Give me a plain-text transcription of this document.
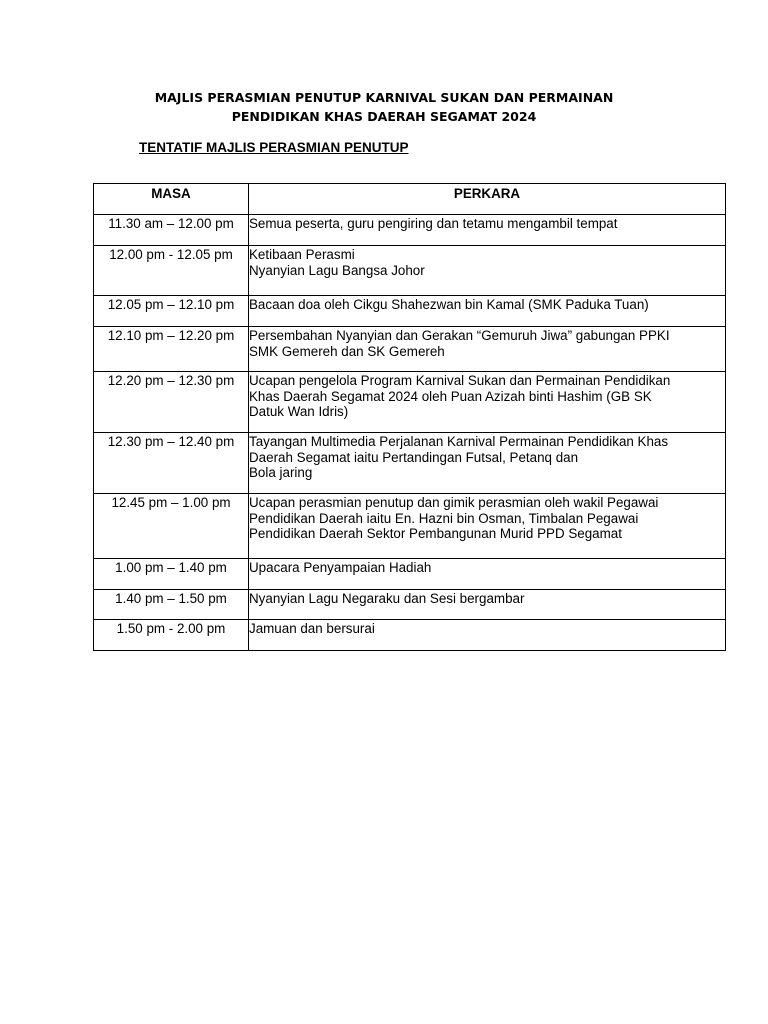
MAJLIS PERASMIAN PENUTUP KARNIVAL SUKAN DAN PERMAINAN
PENDIDIKAN KHAS DAERAH SEGAMAT 2024
TENTATIF MAJLIS PERASMIAN PENUTUP
MASA	PERKARA

11.30 am – 12.00 pm	Semua peserta, guru pengiring dan tetamu mengambil tempat

12.00 pm - 12.05 pm	Ketibaan Perasmi
Nyanyian Lagu Bangsa Johor

12.05 pm – 12.10 pm	Bacaan doa oleh Cikgu Shahezwan bin Kamal (SMK Paduka Tuan)

12.10 pm – 12.20 pm	Persembahan Nyanyian dan Gerakan “Gemuruh Jiwa” gabungan PPKI
SMK Gemereh dan SK Gemereh

12.20 pm – 12.30 pm	Ucapan pengelola Program Karnival Sukan dan Permainan Pendidikan
Khas Daerah Segamat 2024 oleh Puan Azizah binti Hashim (GB SK
Datuk Wan Idris)

12.30 pm – 12.40 pm	Tayangan Multimedia Perjalanan Karnival Permainan Pendidikan Khas
Daerah Segamat iaitu Pertandingan Futsal, Petanq dan
Bola jaring

12.45 pm – 1.00 pm	Ucapan perasmian penutup dan gimik perasmian oleh wakil Pegawai
Pendidikan Daerah iaitu En. Hazni bin Osman, Timbalan Pegawai
Pendidikan Daerah Sektor Pembangunan Murid PPD Segamat

1.00 pm – 1.40 pm	Upacara Penyampaian Hadiah

1.40 pm – 1.50 pm	Nyanyian Lagu Negaraku dan Sesi bergambar

1.50 pm - 2.00 pm	Jamuan dan bersurai
